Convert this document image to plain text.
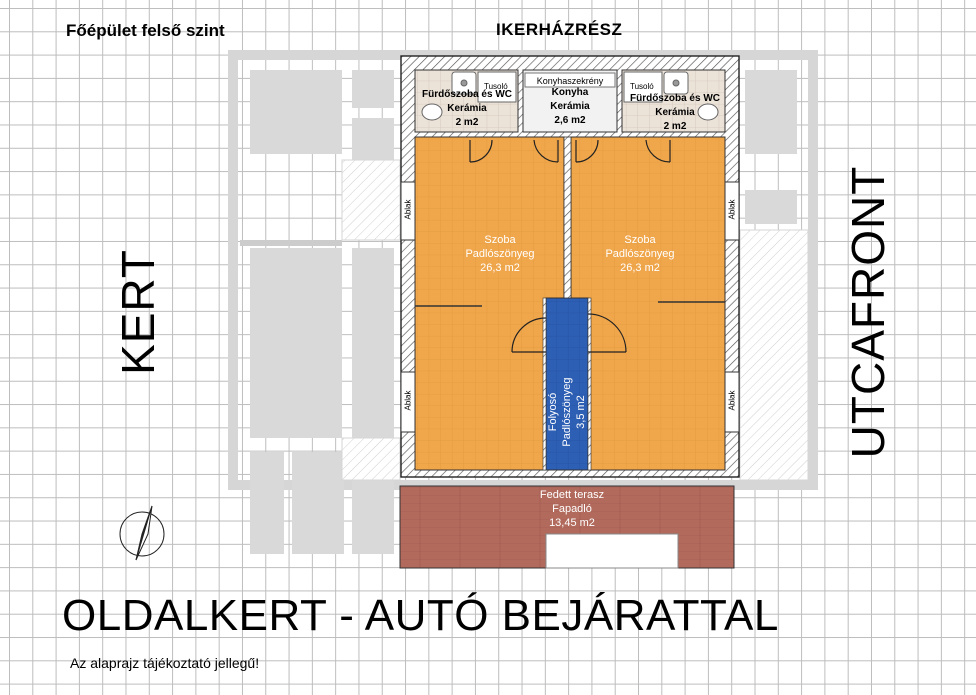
Főépület felső szint	IKERHÁZRÉSZ
KERT	UTCAFRONT
OLDALKERT - AUTÓ BEJÁRATTAL
Az alaprajz tájékoztató jellegű!
Tusoló
Fürdőszoba és WC
Kerámia
2 m2
Konyhaszekrény
Konyha
Kerámia
2,6 m2
Tusoló
Fürdőszoba és WC
Kerámia
2 m2
Szoba
Padlószönyeg
26,3 m2
Szoba
Padlószönyeg
26,3 m2
Folyosó Padlószönyeg 3,5 m2
Fedett terasz
Fapadló
13,45 m2
Ablak
Ablak
Ablak
Ablak
